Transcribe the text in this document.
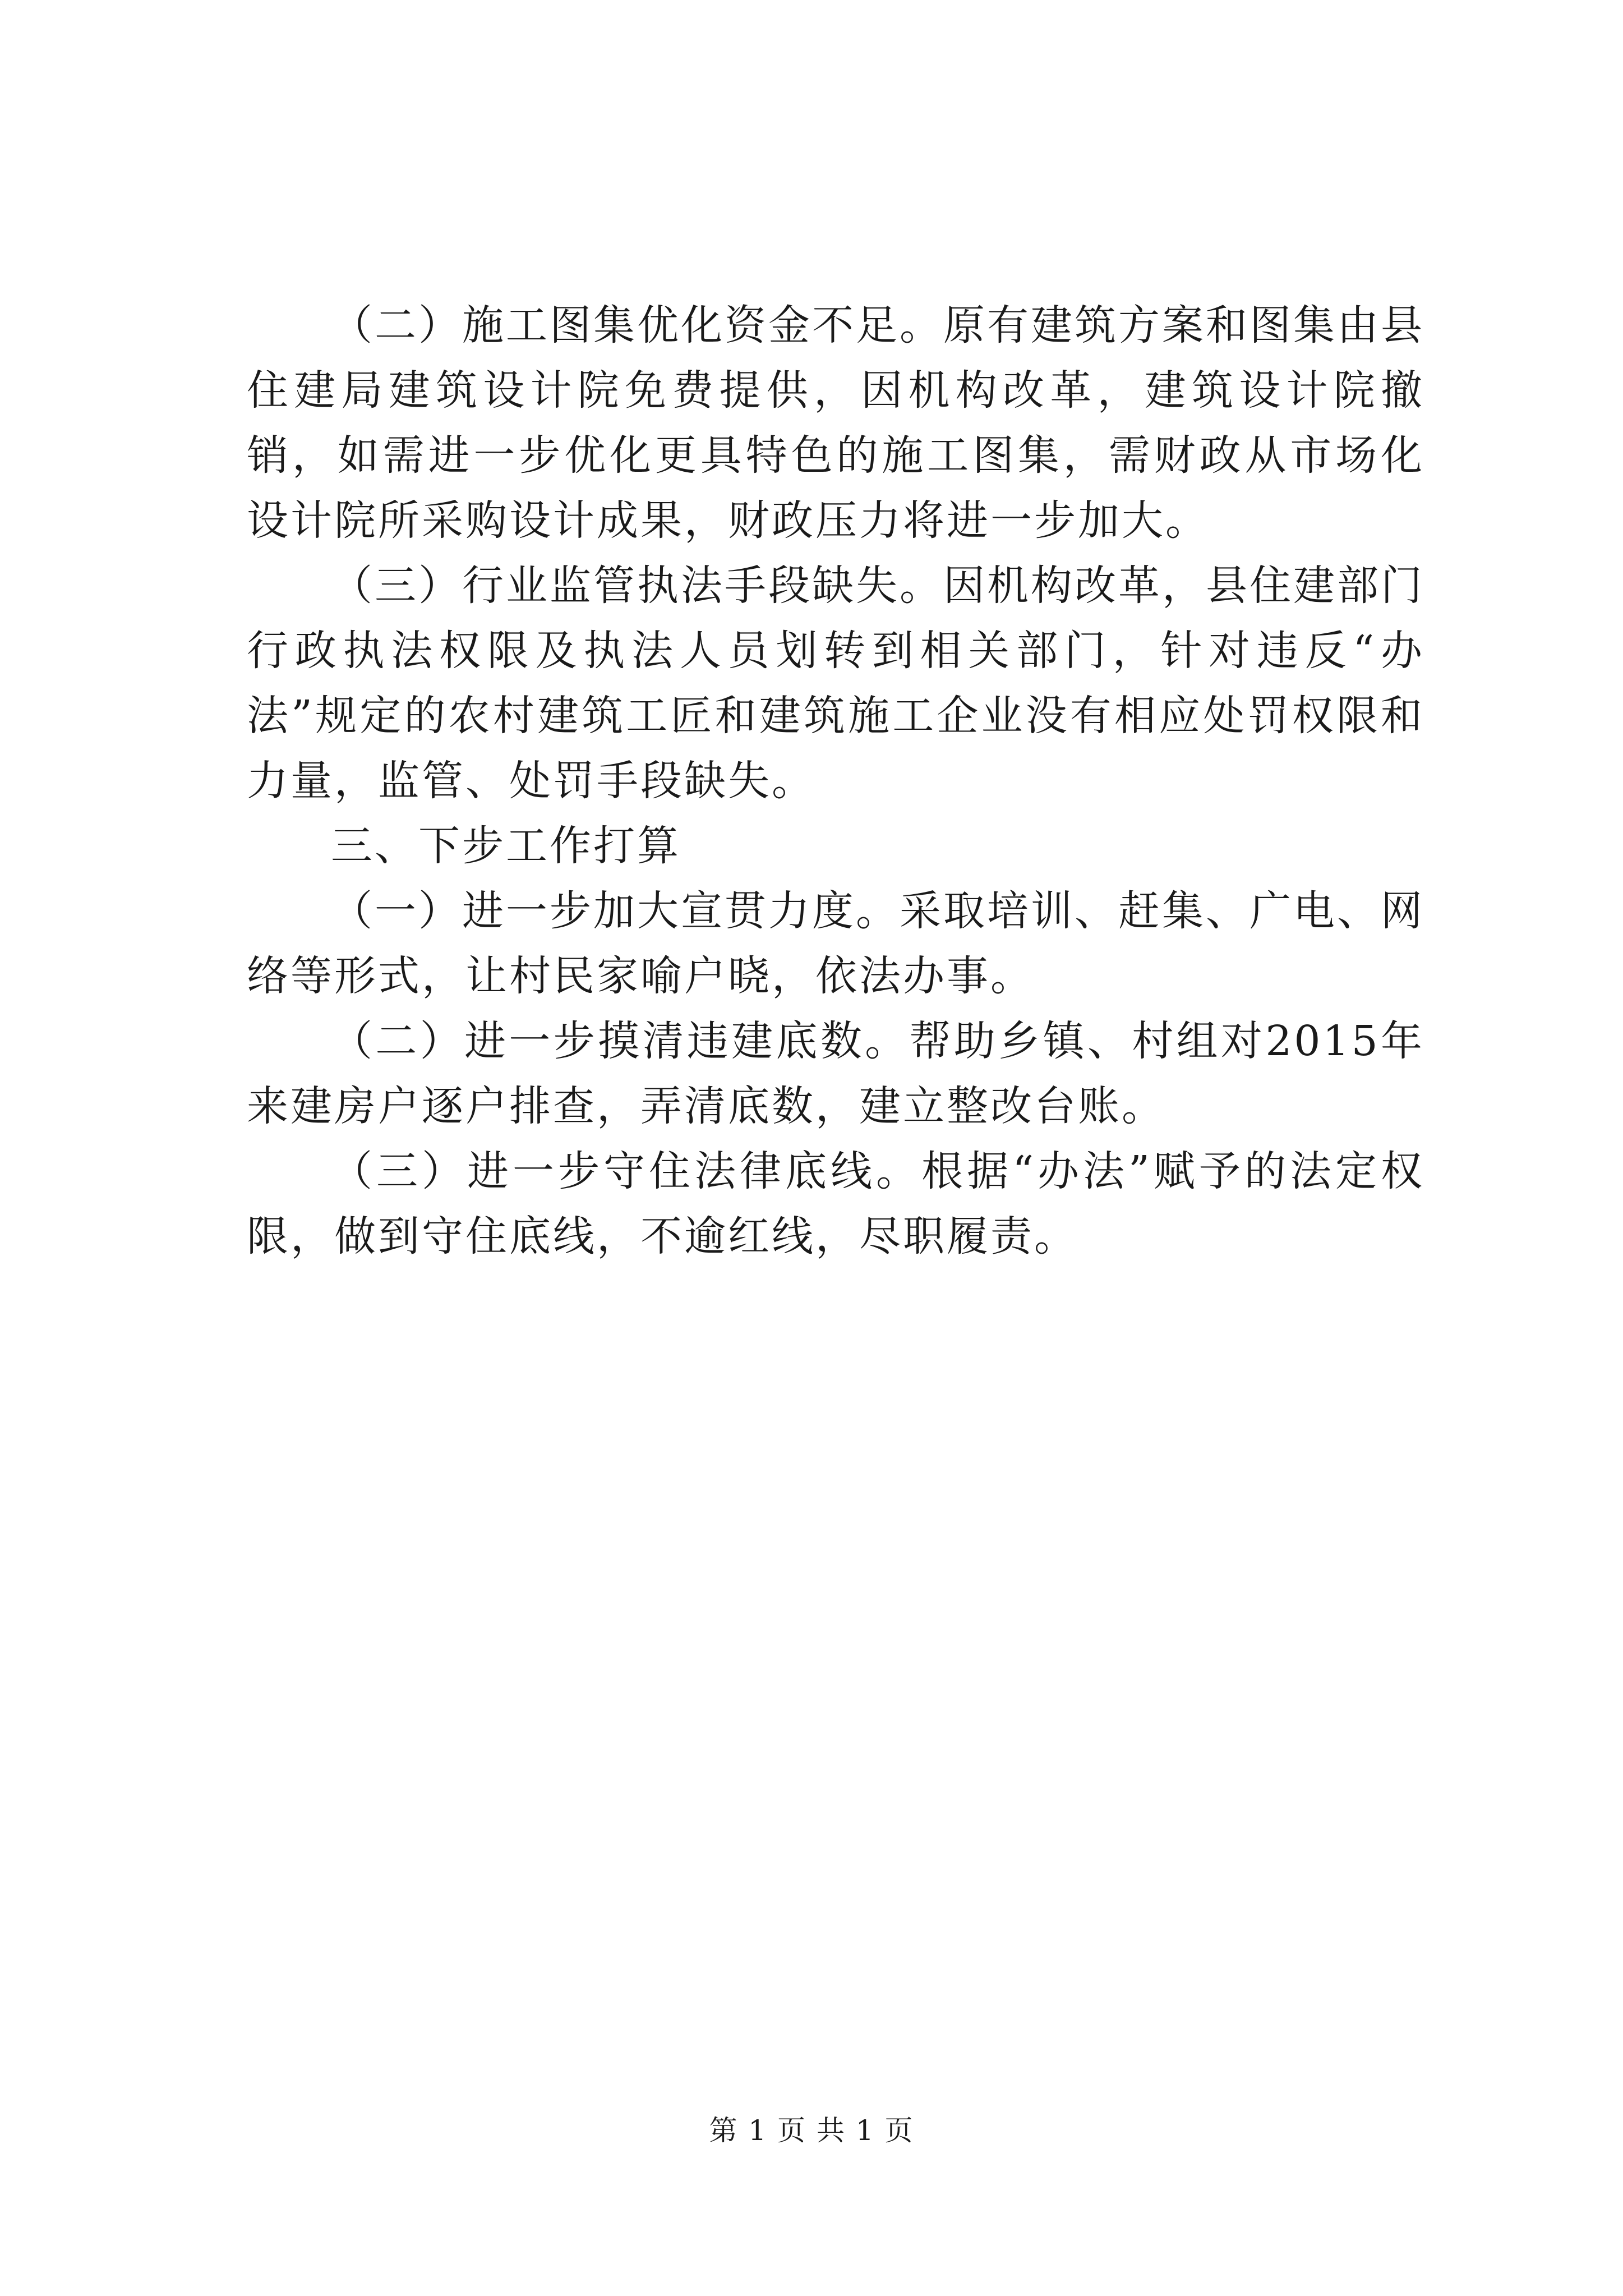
（二）施工图集优化资金不足。原有建筑方案和图集由县住建局建筑设计院免费提供，因机构改革，建筑设计院撤销，如需进一步优化更具特色的施工图集，需财政从市场化设计院所采购设计成果，财政压力将进一步加大。

（三）行业监管执法手段缺失。因机构改革，县住建部门行政执法权限及执法人员划转到相关部门，针对违反“办法”规定的农村建筑工匠和建筑施工企业没有相应处罚权限和力量，监管、处罚手段缺失。

三、下步工作打算

（一）进一步加大宣贯力度。采取培训、赶集、广电、网络等形式，让村民家喻户晓，依法办事。

（二）进一步摸清违建底数。帮助乡镇、村组对2015年来建房户逐户排查，弄清底数，建立整改台账。

（三）进一步守住法律底线。根据“办法”赋予的法定权限，做到守住底线，不逾红线，尽职履责。

第 1 页 共 1 页
